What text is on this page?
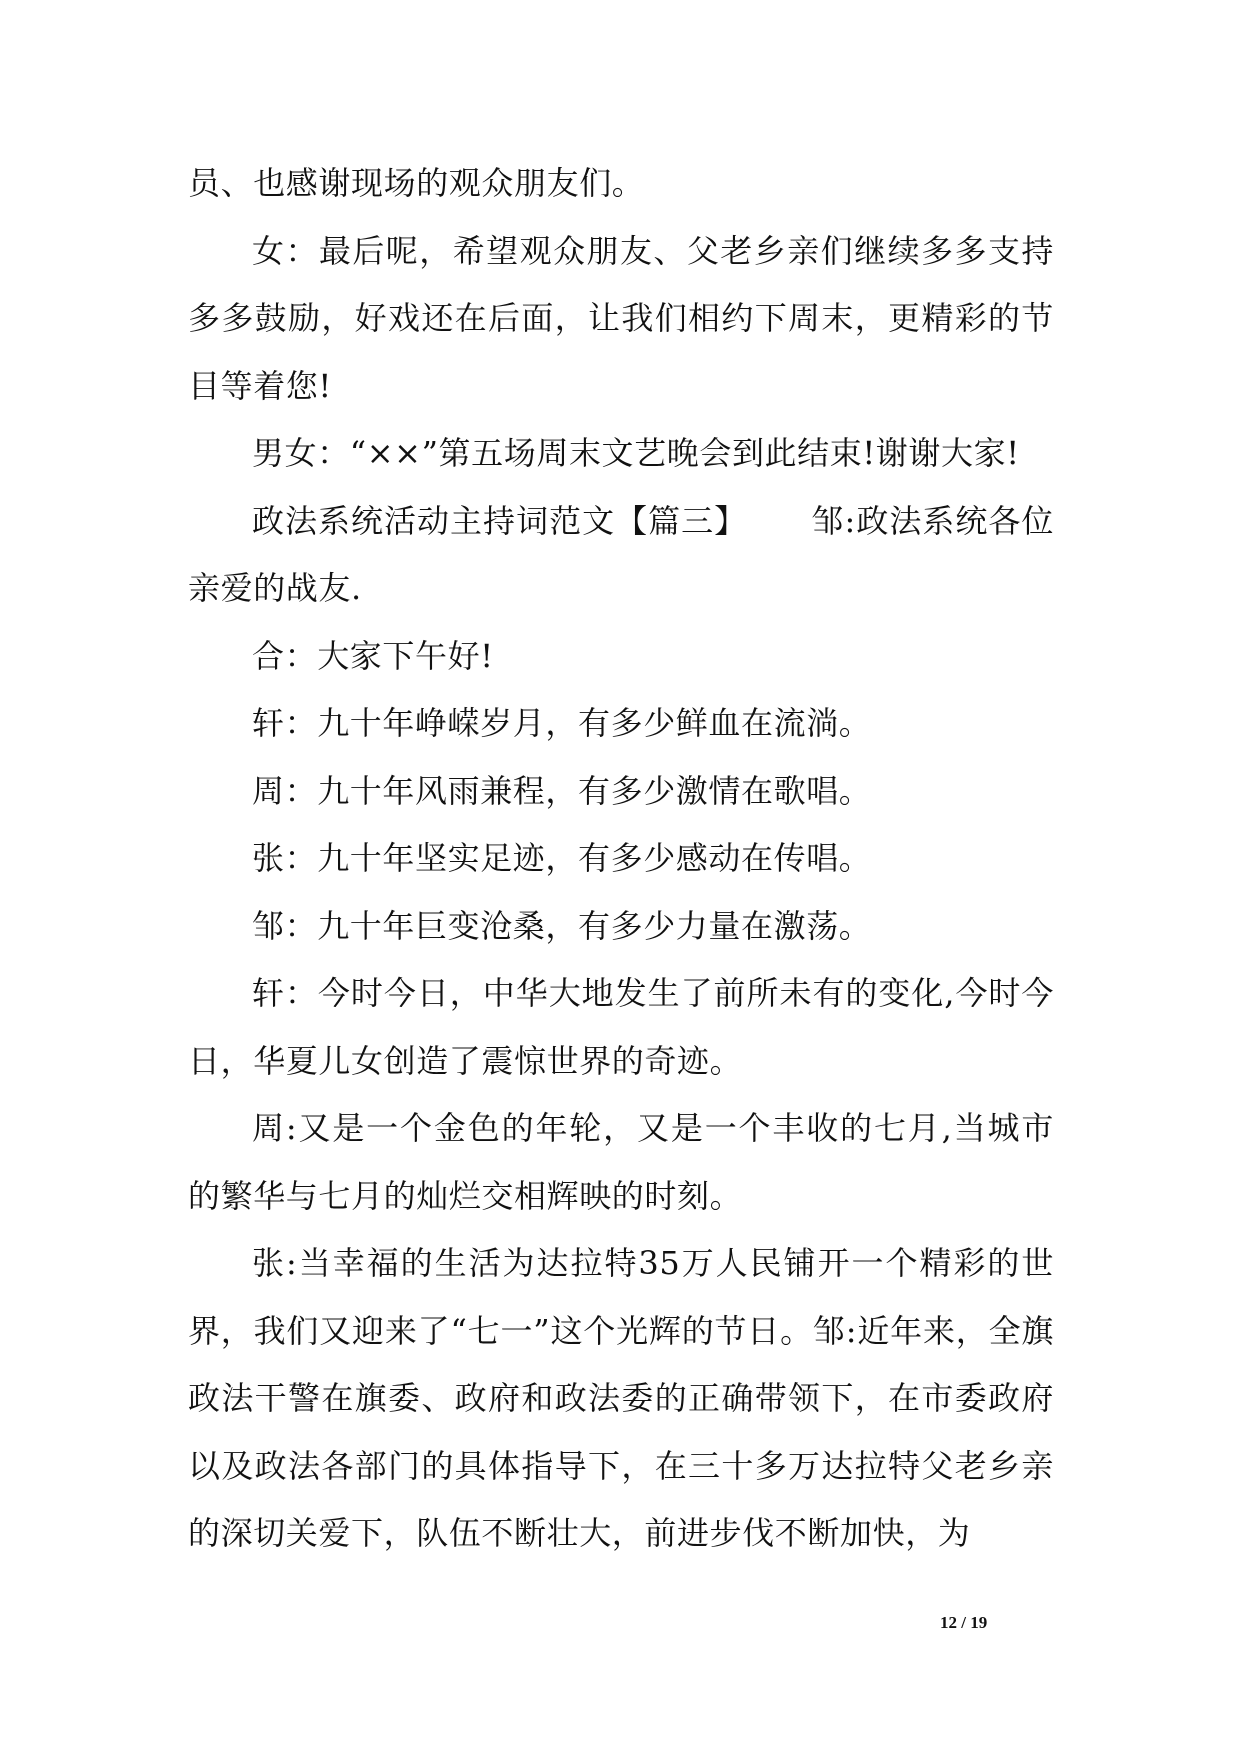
员、也感谢现场的观众朋友们。

女：最后呢，希望观众朋友、父老乡亲们继续多多支持多多鼓励，好戏还在后面，让我们相约下周末，更精彩的节目等着您!

男女：“××”第五场周末文艺晚会到此结束!谢谢大家!

政法系统活动主持词范文【篇三】 邹:政法系统各位亲爱的战友.

合：大家下午好!

轩：九十年峥嵘岁月，有多少鲜血在流淌。

周：九十年风雨兼程，有多少激情在歌唱。

张：九十年坚实足迹，有多少感动在传唱。

邹：九十年巨变沧桑，有多少力量在激荡。

轩：今时今日，中华大地发生了前所未有的变化,今时今日，华夏儿女创造了震惊世界的奇迹。

周:又是一个金色的年轮，又是一个丰收的七月,当城市的繁华与七月的灿烂交相辉映的时刻。

张:当幸福的生活为达拉特35万人民铺开一个精彩的世界，我们又迎来了“七一”这个光辉的节日。邹:近年来，全旗政法干警在旗委、政府和政法委的正确带领下，在市委政府以及政法各部门的具体指导下，在三十多万达拉特父老乡亲的深切关爱下，队伍不断壮大，前进步伐不断加快，为

12 / 19
